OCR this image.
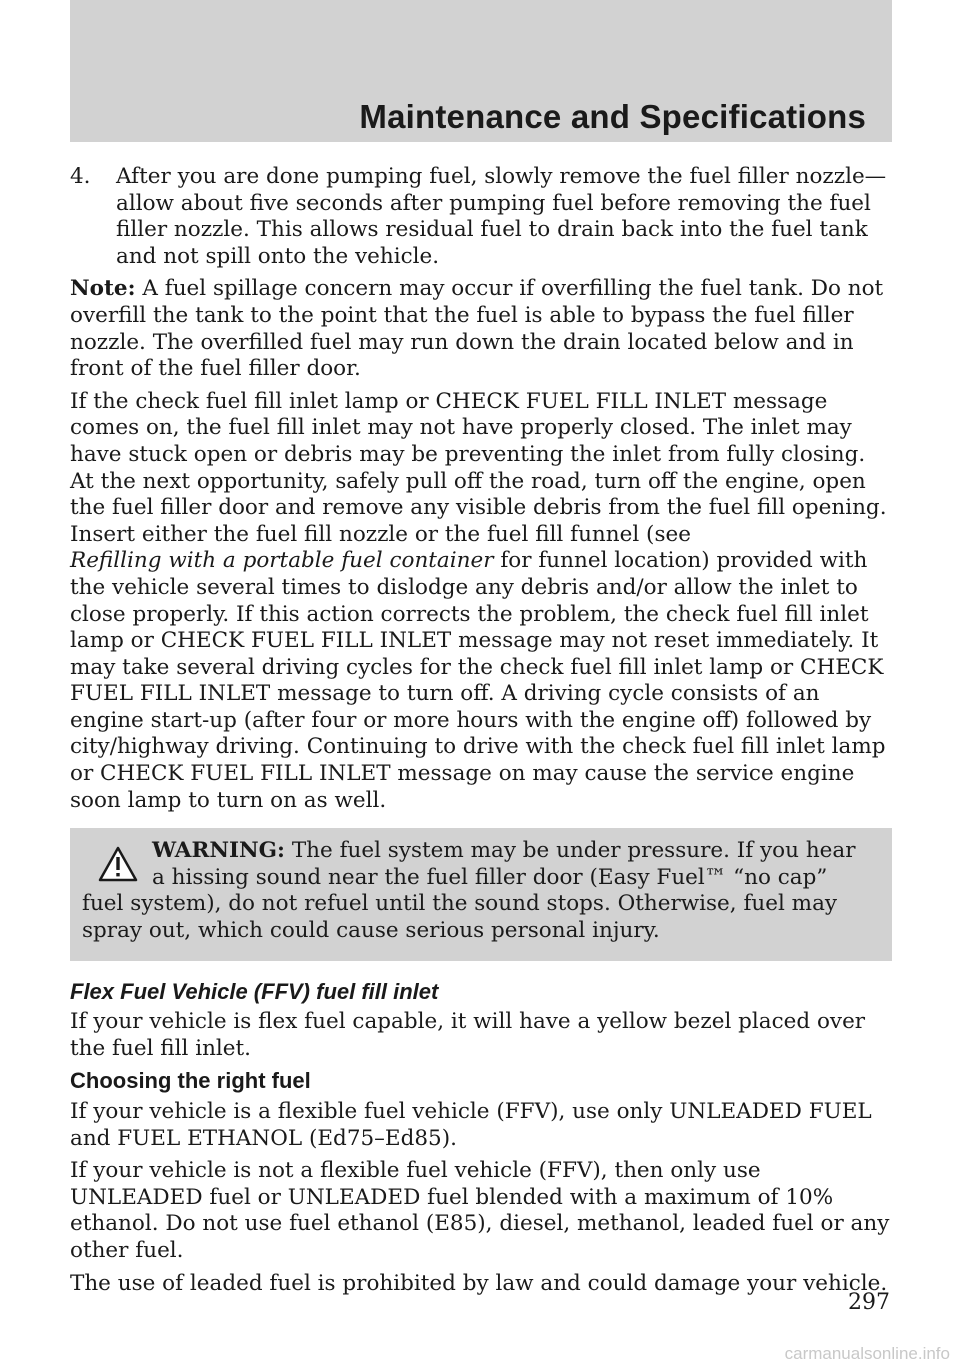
Maintenance and Specifications

4. After you are done pumping fuel, slowly remove the fuel filler nozzle—allow about five seconds after pumping fuel before removing the fuel filler nozzle. This allows residual fuel to drain back into the fuel tank and not spill onto the vehicle.

Note: A fuel spillage concern may occur if overfilling the fuel tank. Do not overfill the tank to the point that the fuel is able to bypass the fuel filler nozzle. The overfilled fuel may run down the drain located below and in front of the fuel filler door.

If the check fuel fill inlet lamp or CHECK FUEL FILL INLET message comes on, the fuel fill inlet may not have properly closed. The inlet may have stuck open or debris may be preventing the inlet from fully closing. At the next opportunity, safely pull off the road, turn off the engine, open the fuel filler door and remove any visible debris from the fuel fill opening. Insert either the fuel fill nozzle or the fuel fill funnel (see
Refilling with a portable fuel container for funnel location) provided with the vehicle several times to dislodge any debris and/or allow the inlet to close properly. If this action corrects the problem, the check fuel fill inlet lamp or CHECK FUEL FILL INLET message may not reset immediately. It may take several driving cycles for the check fuel fill inlet lamp or CHECK FUEL FILL INLET message to turn off. A driving cycle consists of an engine start-up (after four or more hours with the engine off) followed by city/highway driving. Continuing to drive with the check fuel fill inlet lamp or CHECK FUEL FILL INLET message on may cause the service engine soon lamp to turn on as well.

WARNING: The fuel system may be under pressure. If you hear
a hissing sound near the fuel filler door (Easy Fuel™ “no cap”
fuel system), do not refuel until the sound stops. Otherwise, fuel may spray out, which could cause serious personal injury.
Flex Fuel Vehicle (FFV) fuel fill inlet

If your vehicle is flex fuel capable, it will have a yellow bezel placed over the fuel fill inlet.

Choosing the right fuel

If your vehicle is a flexible fuel vehicle (FFV), use only UNLEADED FUEL and FUEL ETHANOL (Ed75–Ed85).

If your vehicle is not a flexible fuel vehicle (FFV), then only use UNLEADED fuel or UNLEADED fuel blended with a maximum of 10% ethanol. Do not use fuel ethanol (E85), diesel, methanol, leaded fuel or any other fuel.

The use of leaded fuel is prohibited by law and could damage your vehicle.

297
carmanualsonline.info
